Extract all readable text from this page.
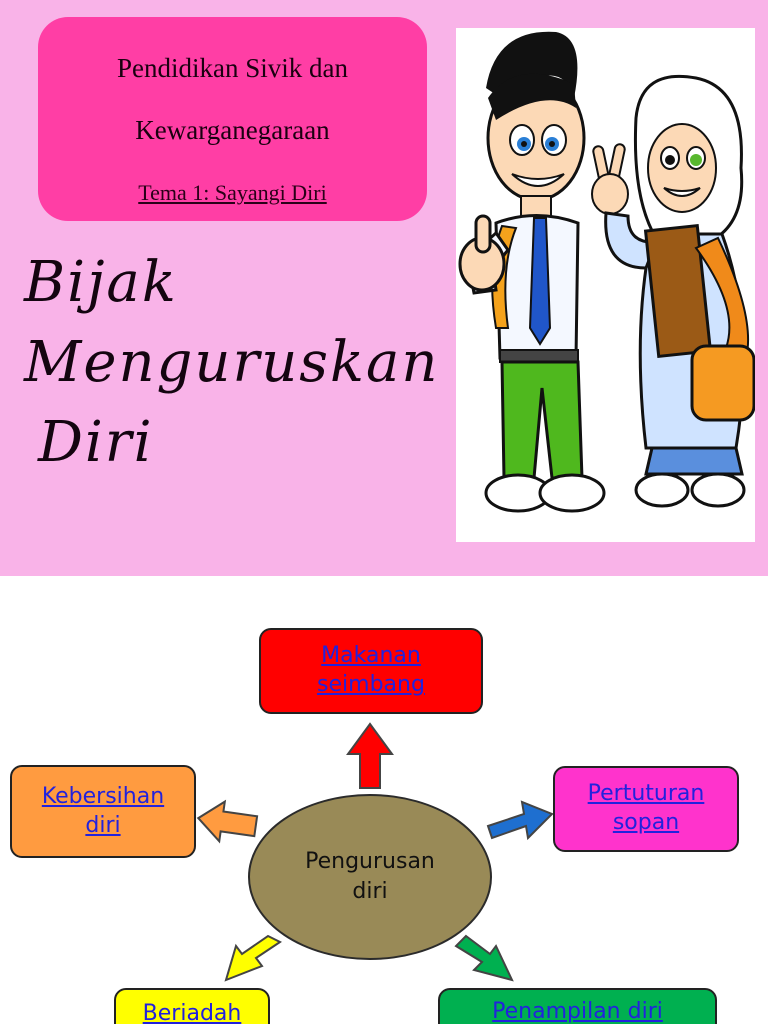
Pendidikan Sivik dan
Kewarganegaraan
Tema 1: Sayangi Diri
Bijak
Menguruskan
Diri
Makanan
seimbang
Kebersihan
diri
Pertuturan
sopan
Beriadah	Penampilan diri
Pengurusan
diri
